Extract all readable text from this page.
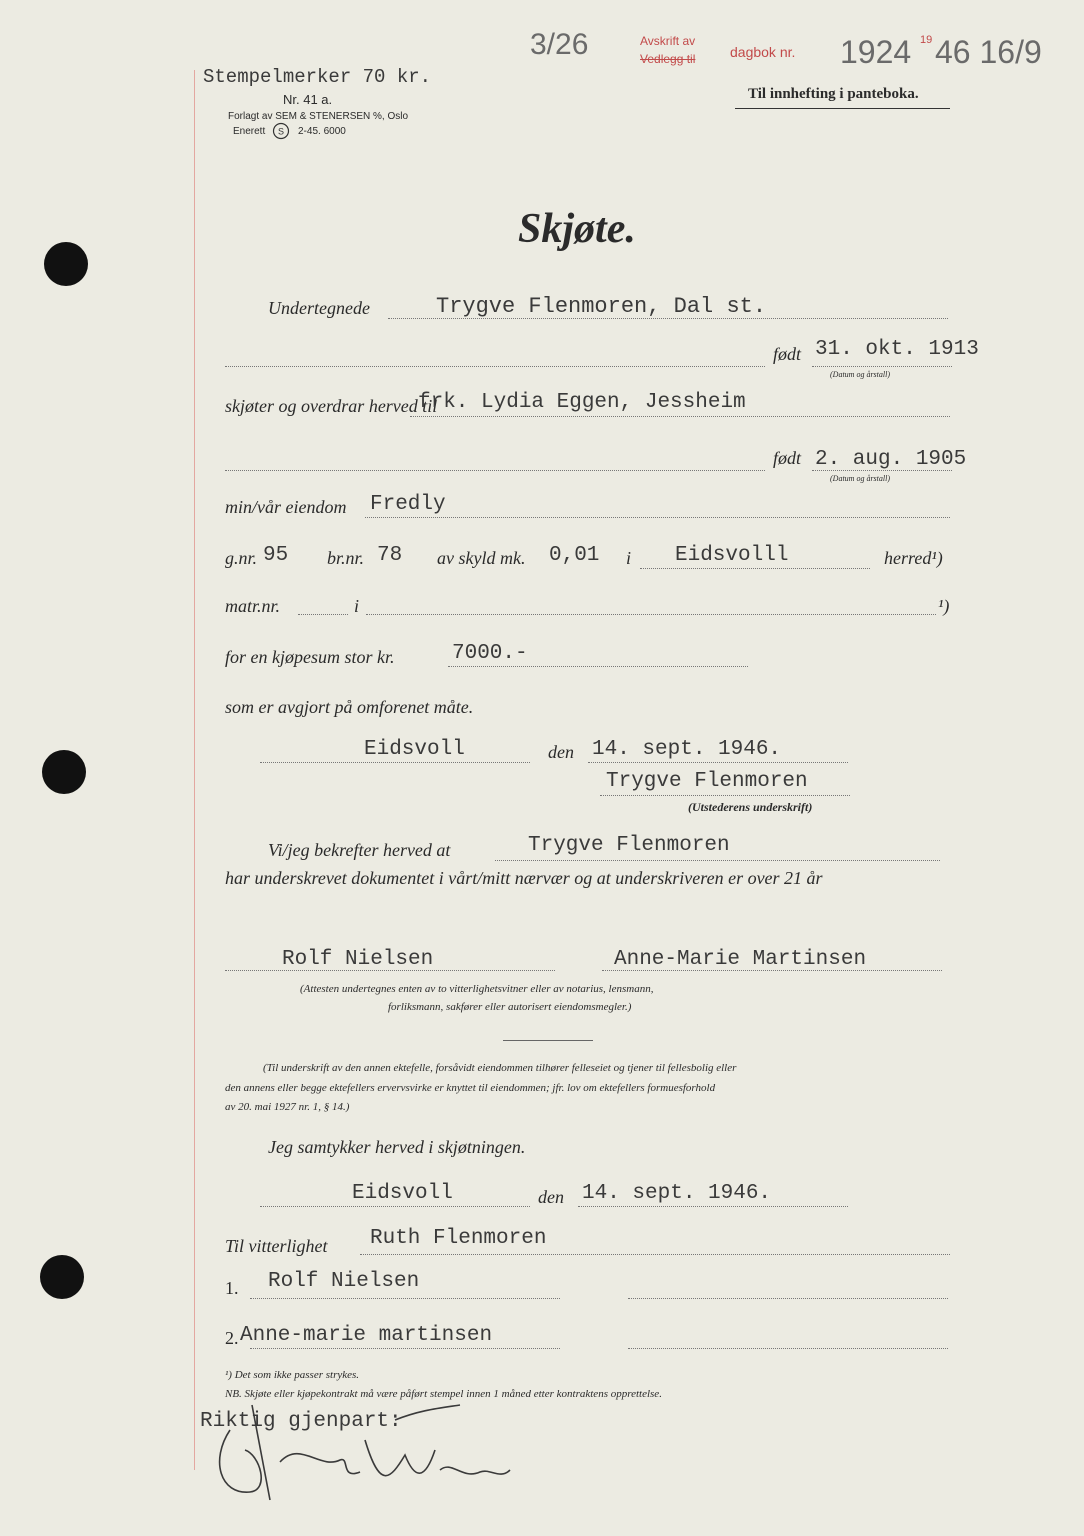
Stempelmerker 70 kr.
Nr. 41 a.
Forlagt av SEM & STENERSEN %, Oslo
Enerett S 2-45. 6000
3/26	Avskrift av
Vedlegg til dagbok nr. 1924 19 46 16/9
Til innhefting i panteboka.
Skjøte.
Undertegnede	Trygve Flenmoren, Dal st.
født 31. okt. 1913
(Datum og årstall)
skjøter og overdrar herved til
frk. Lydia Eggen, Jessheim
født 2. aug. 1905
(Datum og årstall)
min/vår eiendom Fredly
g.nr. 95 br.nr. 78 av skyld mk. 0,01 i Eidsvolll	herred¹)
matr.nr.	i	¹)
for en kjøpesum stor kr.	7000.-
som er avgjort på omforenet måte.
Eidsvoll	den 14. sept. 1946.
Trygve Flenmoren
(Utstederens underskrift)
Vi/jeg bekrefter herved at	Trygve Flenmoren
har underskrevet dokumentet i vårt/mitt nærvær og at underskriveren er over 21 år
Rolf Nielsen	Anne-Marie Martinsen
(Attesten undertegnes enten av to vitterlighetsvitner eller av notarius, lensmann,
forliksmann, sakfører eller autorisert eiendomsmegler.)
(Til underskrift av den annen ektefelle, forsåvidt eiendommen tilhører felleseiet og tjener til fellesbolig eller
den annens eller begge ektefellers ervervsvirke er knyttet til eiendommen; jfr. lov om ektefellers formuesforhold
av 20. mai 1927 nr. 1, § 14.)
Jeg samtykker herved i skjøtningen.
Eidsvoll	den 14. sept. 1946.
Til vitterlighet Ruth Flenmoren
1. Rolf Nielsen
2. Anne-marie martinsen
¹) Det som ikke passer strykes.
NB. Skjøte eller kjøpekontrakt må være påført stempel innen 1 måned etter kontraktens opprettelse.
Riktig gjenpart:
